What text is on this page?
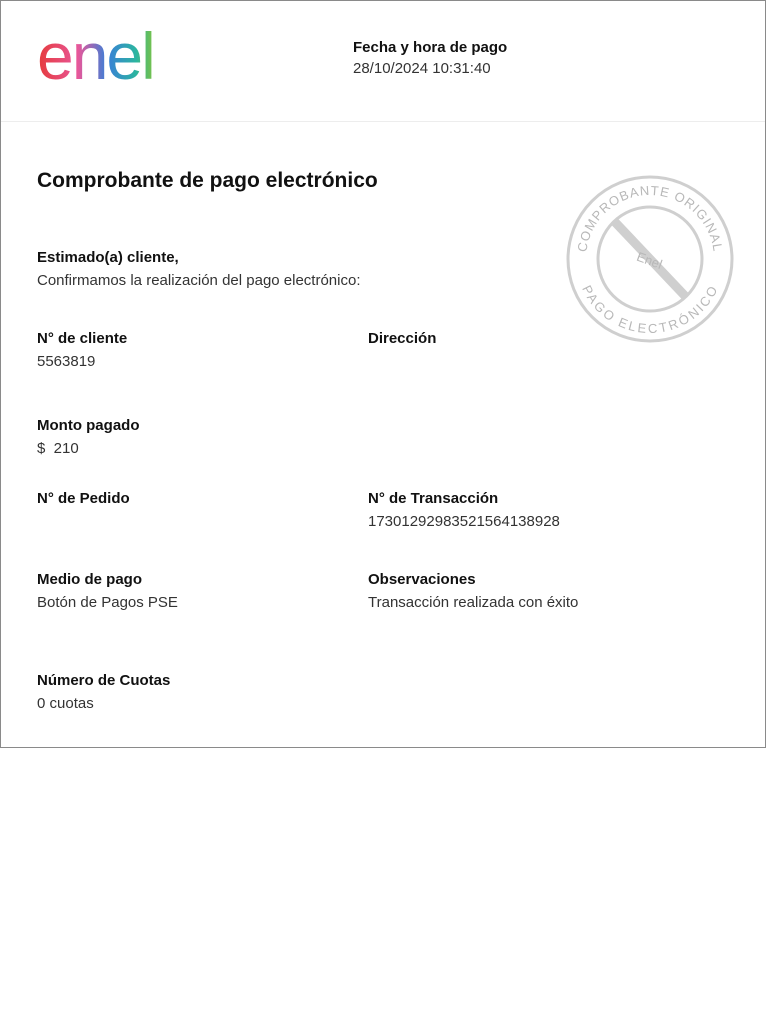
enel	Fecha y hora de pago
28/10/2024 10:31:40
Comprobante de pago electrónico
COMPROBANTE ORIGINAL
PAGO ELECTRÓNICO
Enel
Estimado(a) cliente,
Confirmamos la realización del pago electrónico:
N° de cliente
5563819
Dirección
Monto pagado
$  210
N° de Pedido	N° de Transacción
17301292983521564138928
Medio de pago
Botón de Pagos PSE
Observaciones
Transacción realizada con éxito
Número de Cuotas
0 cuotas
